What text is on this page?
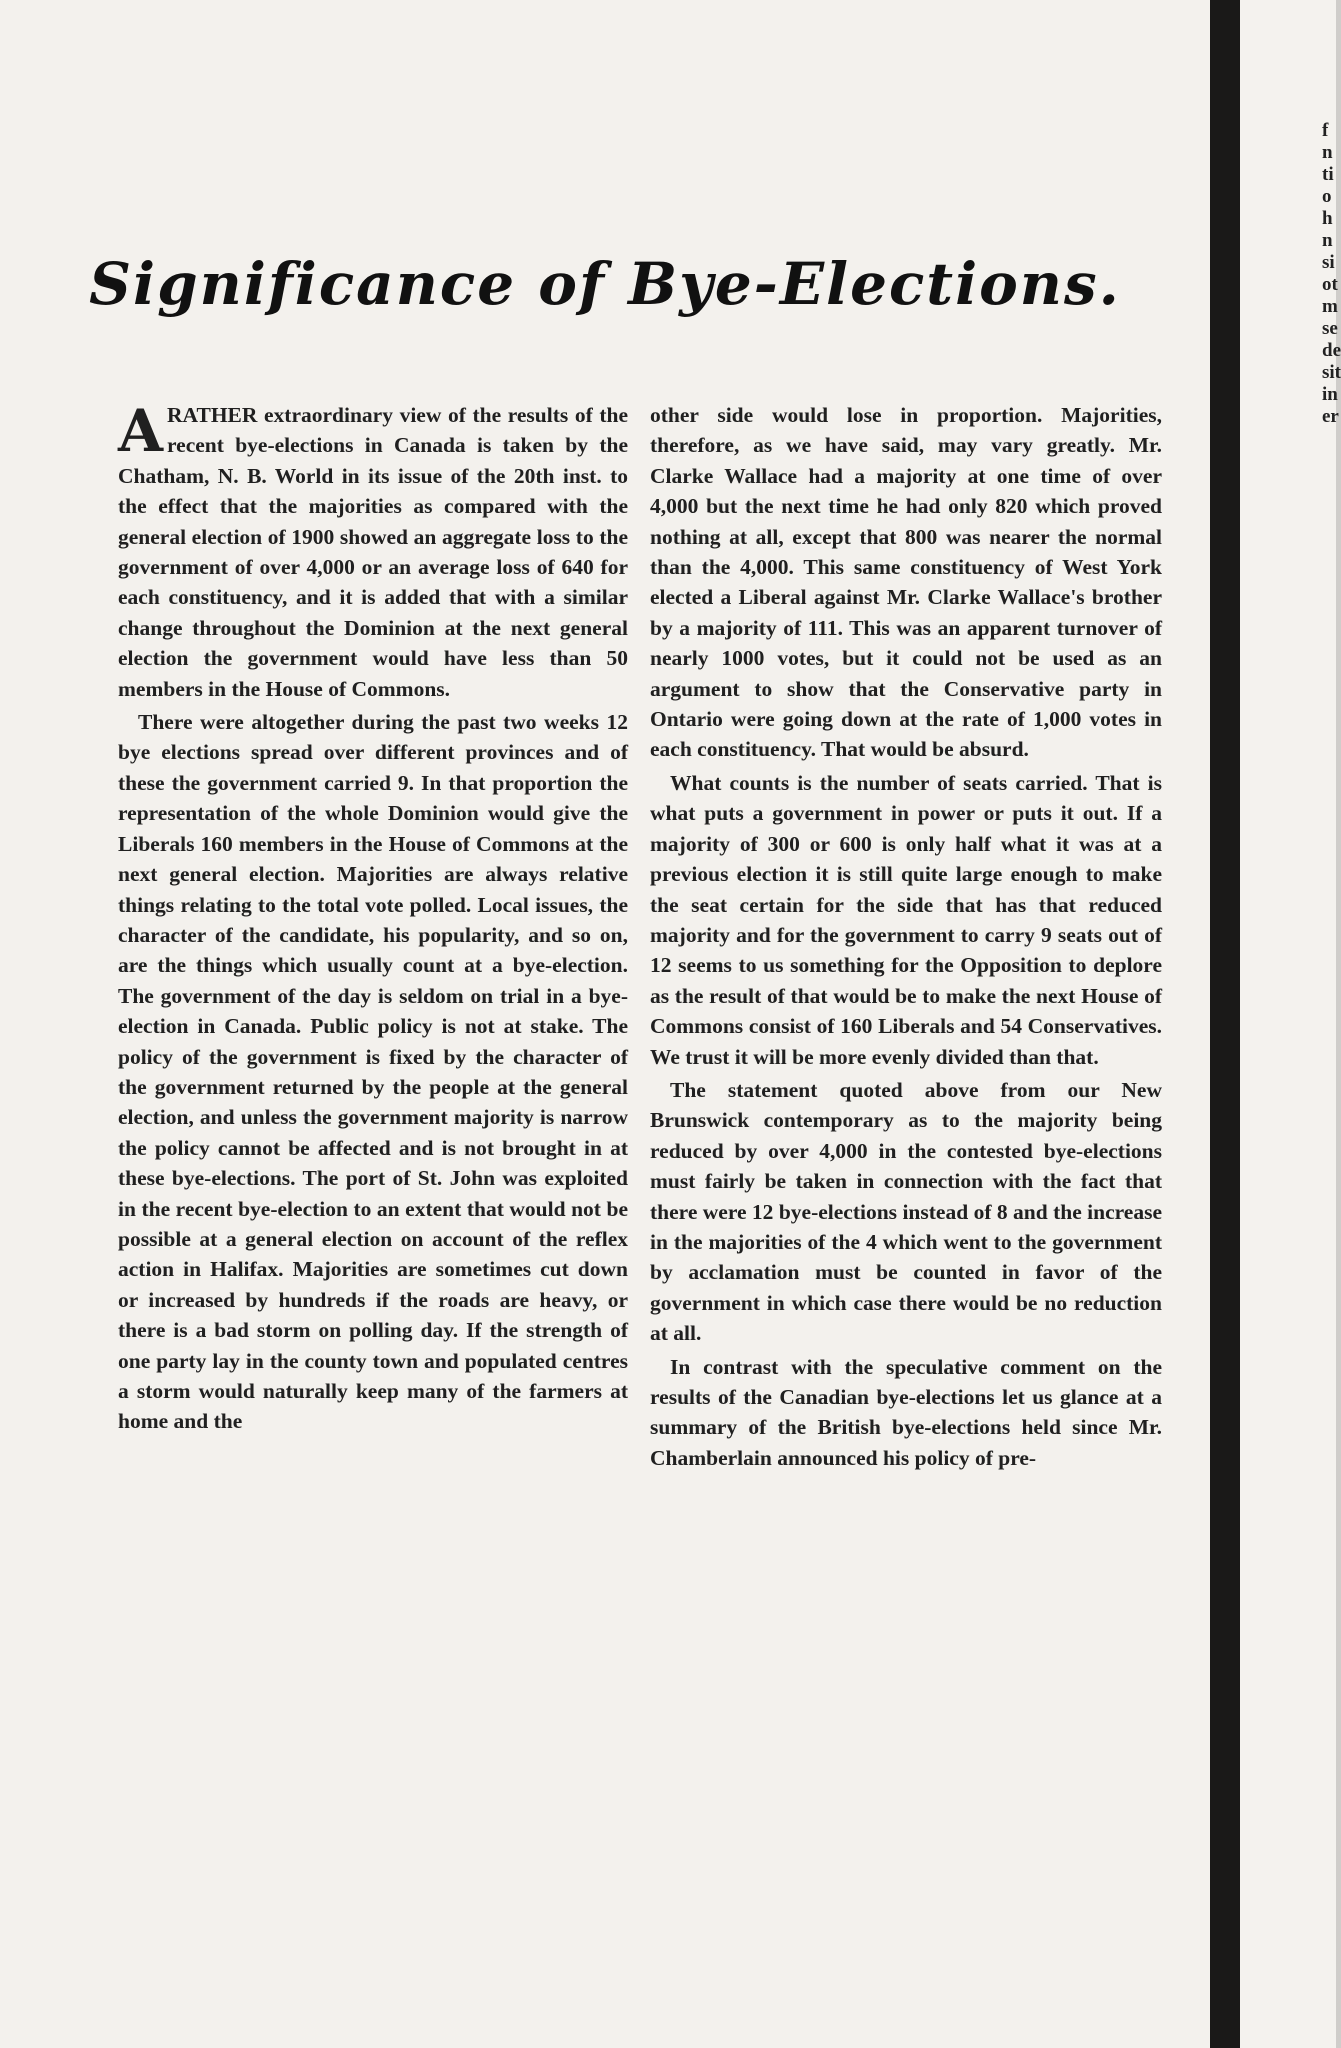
Significance of Bye-Elections.

A RATHER extraordinary view of the results of the recent bye-elections in Canada is taken by the Chatham, N. B. World in its issue of the 20th inst. to the effect that the majorities as compared with the general election of 1900 showed an aggregate loss to the government of over 4,000 or an average loss of 640 for each constituency, and it is added that with a similar change throughout the Dominion at the next general election the government would have less than 50 members in the House of Commons.

There were altogether during the past two weeks 12 bye elections spread over different provinces and of these the government carried 9. In that proportion the representation of the whole Dominion would give the Liberals 160 members in the House of Commons at the next general election. Majorities are always relative things relating to the total vote polled. Local issues, the character of the candidate, his popularity, and so on, are the things which usually count at a bye-election. The government of the day is seldom on trial in a bye-election in Canada. Public policy is not at stake. The policy of the government is fixed by the character of the government returned by the people at the general election, and unless the government majority is narrow the policy cannot be affected and is not brought in at these bye-elections. The port of St. John was exploited in the recent bye-election to an extent that would not be possible at a general election on account of the reflex action in Halifax. Majorities are sometimes cut down or increased by hundreds if the roads are heavy, or there is a bad storm on polling day. If the strength of one party lay in the county town and populated centres a storm would naturally keep many of the farmers at home and the

other side would lose in proportion. Majorities, therefore, as we have said, may vary greatly. Mr. Clarke Wallace had a majority at one time of over 4,000 but the next time he had only 820 which proved nothing at all, except that 800 was nearer the normal than the 4,000. This same constituency of West York elected a Liberal against Mr. Clarke Wallace's brother by a majority of 111. This was an apparent turnover of nearly 1000 votes, but it could not be used as an argument to show that the Conservative party in Ontario were going down at the rate of 1,000 votes in each constituency. That would be absurd.

What counts is the number of seats carried. That is what puts a government in power or puts it out. If a majority of 300 or 600 is only half what it was at a previous election it is still quite large enough to make the seat certain for the side that has that reduced majority and for the government to carry 9 seats out of 12 seems to us something for the Opposition to deplore as the result of that would be to make the next House of Commons consist of 160 Liberals and 54 Conservatives. We trust it will be more evenly divided than that.

The statement quoted above from our New Brunswick contemporary as to the majority being reduced by over 4,000 in the contested bye-elections must fairly be taken in connection with the fact that there were 12 bye-elections instead of 8 and the increase in the majorities of the 4 which went to the government by acclamation must be counted in favor of the government in which case there would be no reduction at all.

In contrast with the speculative comment on the results of the Canadian bye-elections let us glance at a summary of the British bye-elections held since Mr. Chamberlain announced his policy of pre-

f
n
ti
o
h
n
si
ot
m
se
de
sit
in
er
